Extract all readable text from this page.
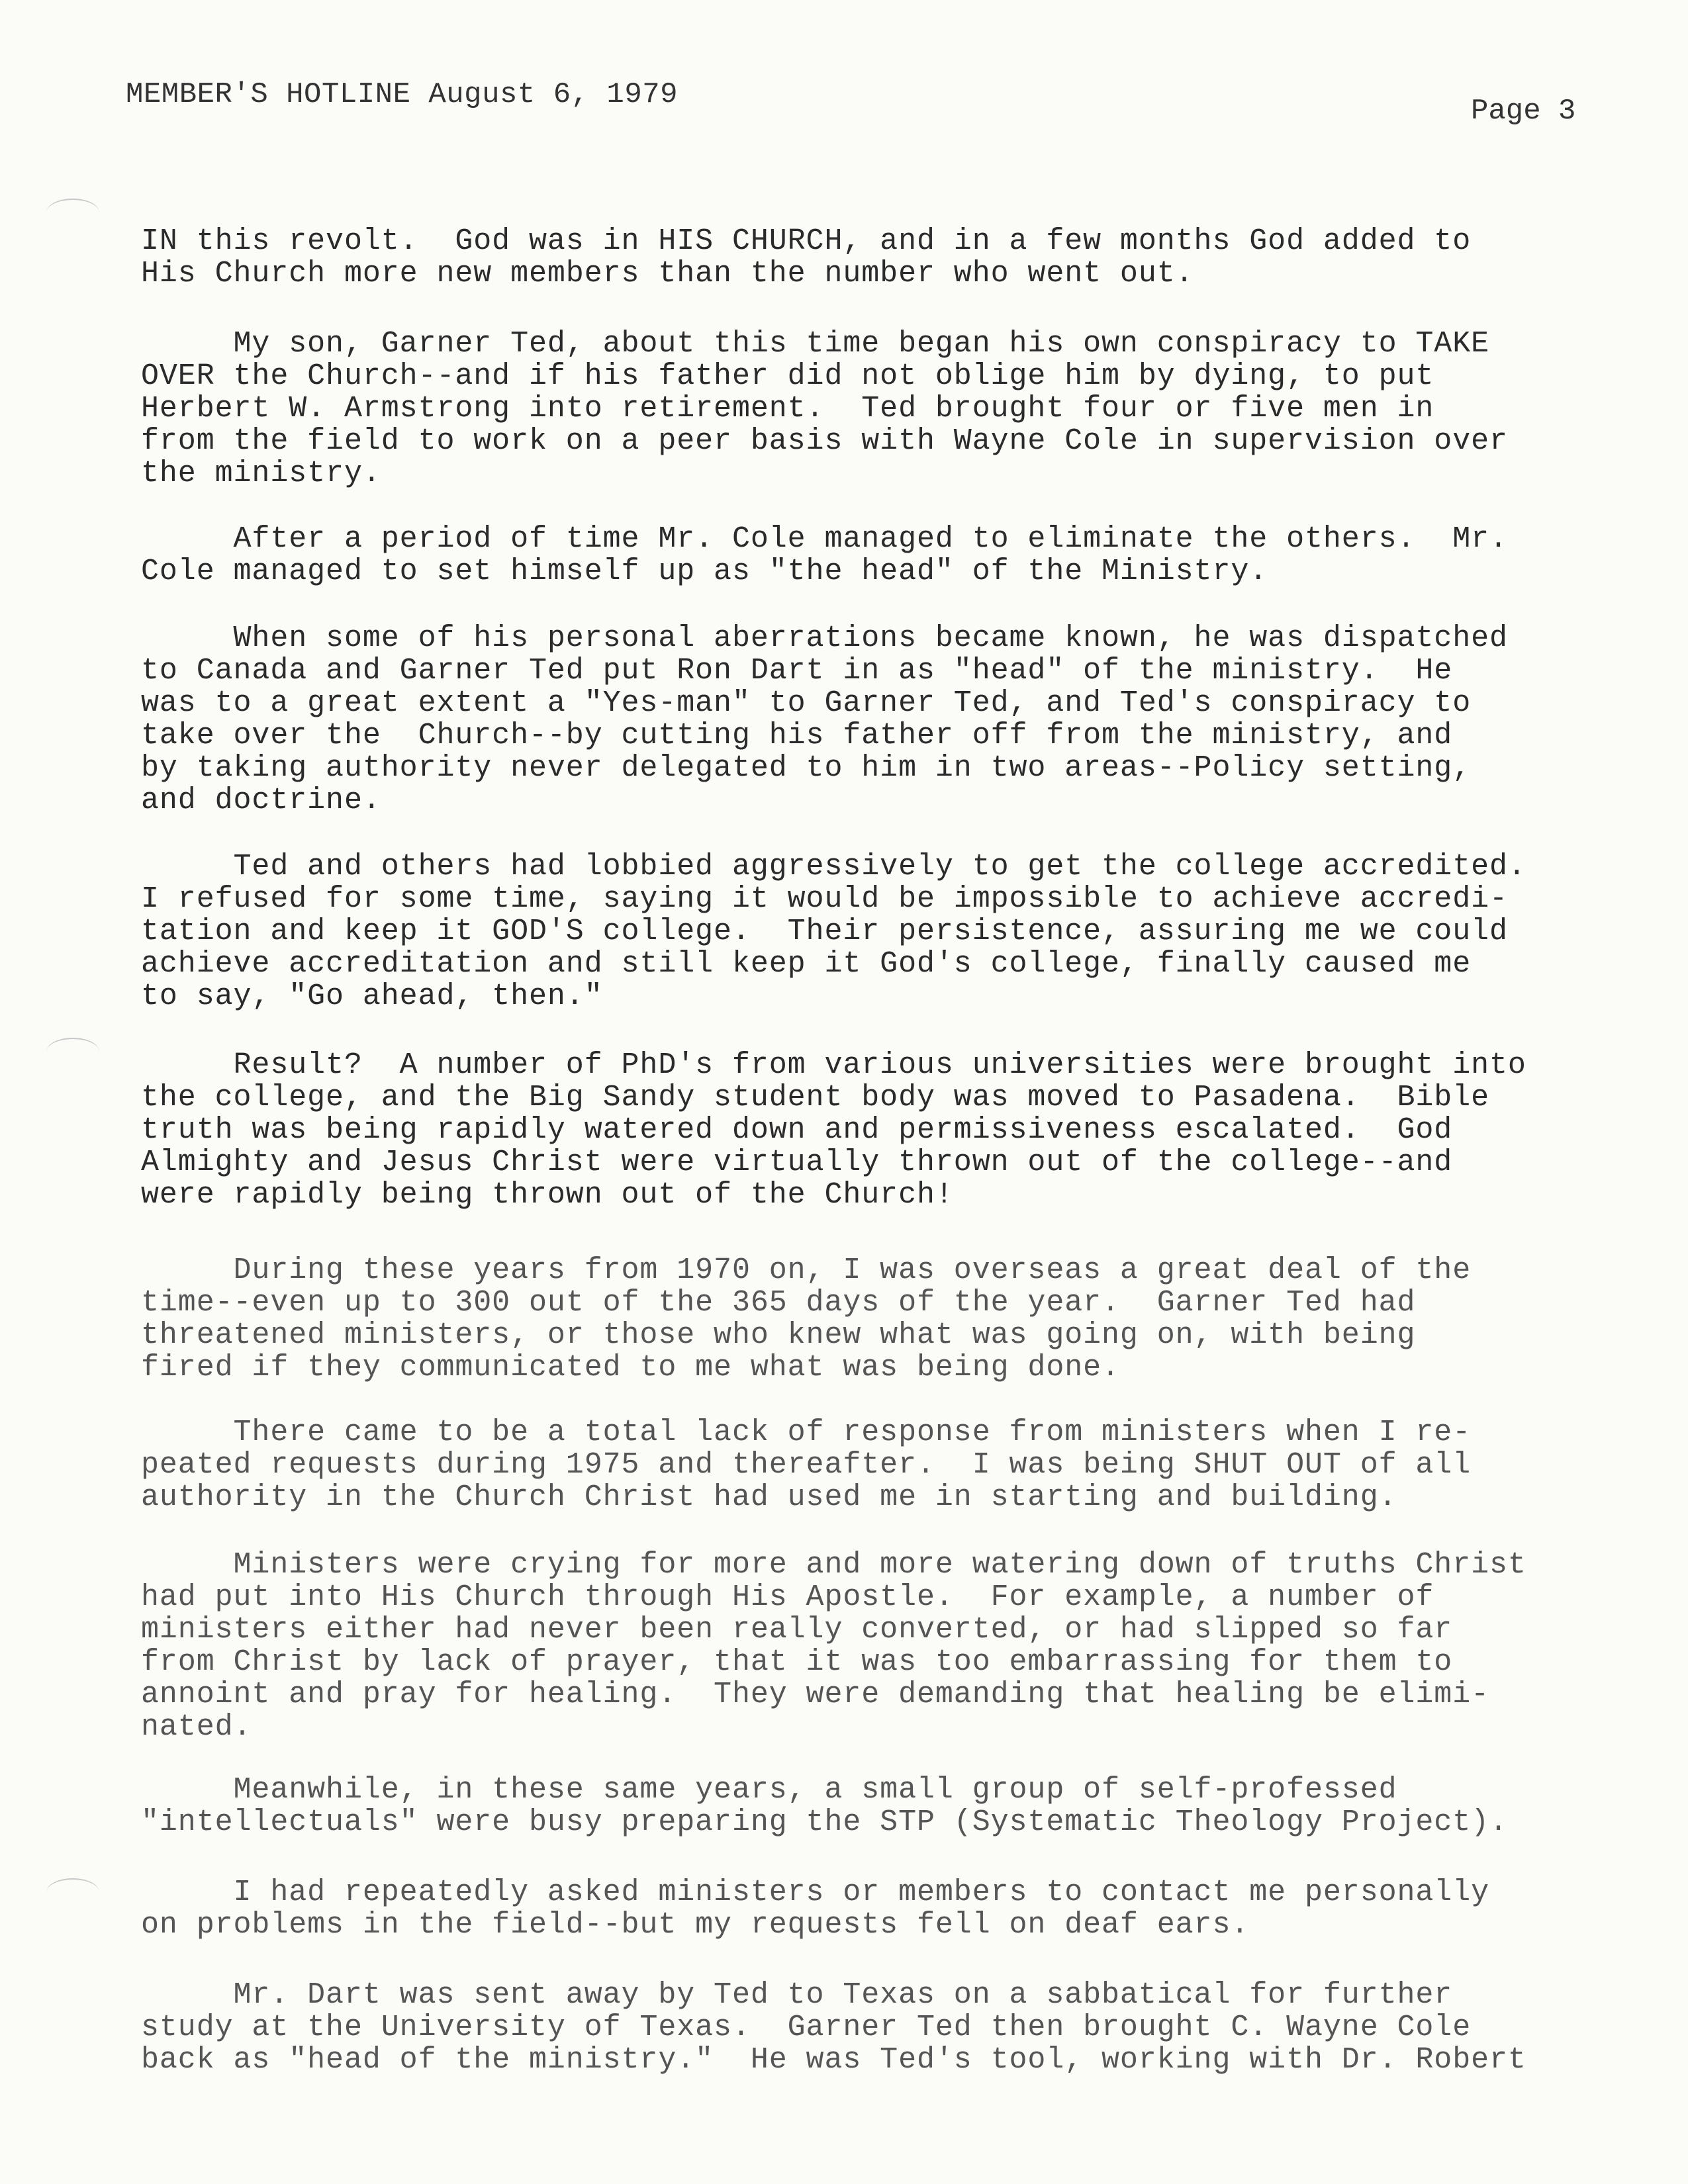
MEMBER'S HOTLINE August 6, 1979	Page 3
IN this revolt.  God was in HIS CHURCH, and in a few months God added to
His Church more new members than the number who went out.
My son, Garner Ted, about this time began his own conspiracy to TAKE
OVER the Church--and if his father did not oblige him by dying, to put
Herbert W. Armstrong into retirement.  Ted brought four or five men in
from the field to work on a peer basis with Wayne Cole in supervision over
the ministry.
After a period of time Mr. Cole managed to eliminate the others.  Mr.
Cole managed to set himself up as "the head" of the Ministry.
When some of his personal aberrations became known, he was dispatched
to Canada and Garner Ted put Ron Dart in as "head" of the ministry.  He
was to a great extent a "Yes-man" to Garner Ted, and Ted's conspiracy to
take over the  Church--by cutting his father off from the ministry, and
by taking authority never delegated to him in two areas--Policy setting,
and doctrine.
Ted and others had lobbied aggressively to get the college accredited.
I refused for some time, saying it would be impossible to achieve accredi-
tation and keep it GOD'S college.  Their persistence, assuring me we could
achieve accreditation and still keep it God's college, finally caused me
to say, "Go ahead, then."
Result?  A number of PhD's from various universities were brought into
the college, and the Big Sandy student body was moved to Pasadena.  Bible
truth was being rapidly watered down and permissiveness escalated.  God
Almighty and Jesus Christ were virtually thrown out of the college--and
were rapidly being thrown out of the Church!
During these years from 1970 on, I was overseas a great deal of the
time--even up to 300 out of the 365 days of the year.  Garner Ted had
threatened ministers, or those who knew what was going on, with being
fired if they communicated to me what was being done.
There came to be a total lack of response from ministers when I re-
peated requests during 1975 and thereafter.  I was being SHUT OUT of all
authority in the Church Christ had used me in starting and building.
Ministers were crying for more and more watering down of truths Christ
had put into His Church through His Apostle.  For example, a number of
ministers either had never been really converted, or had slipped so far
from Christ by lack of prayer, that it was too embarrassing for them to
annoint and pray for healing.  They were demanding that healing be elimi-
nated.
Meanwhile, in these same years, a small group of self-professed
"intellectuals" were busy preparing the STP (Systematic Theology Project).
I had repeatedly asked ministers or members to contact me personally
on problems in the field--but my requests fell on deaf ears.
Mr. Dart was sent away by Ted to Texas on a sabbatical for further
study at the University of Texas.  Garner Ted then brought C. Wayne Cole
back as "head of the ministry."  He was Ted's tool, working with Dr. Robert
